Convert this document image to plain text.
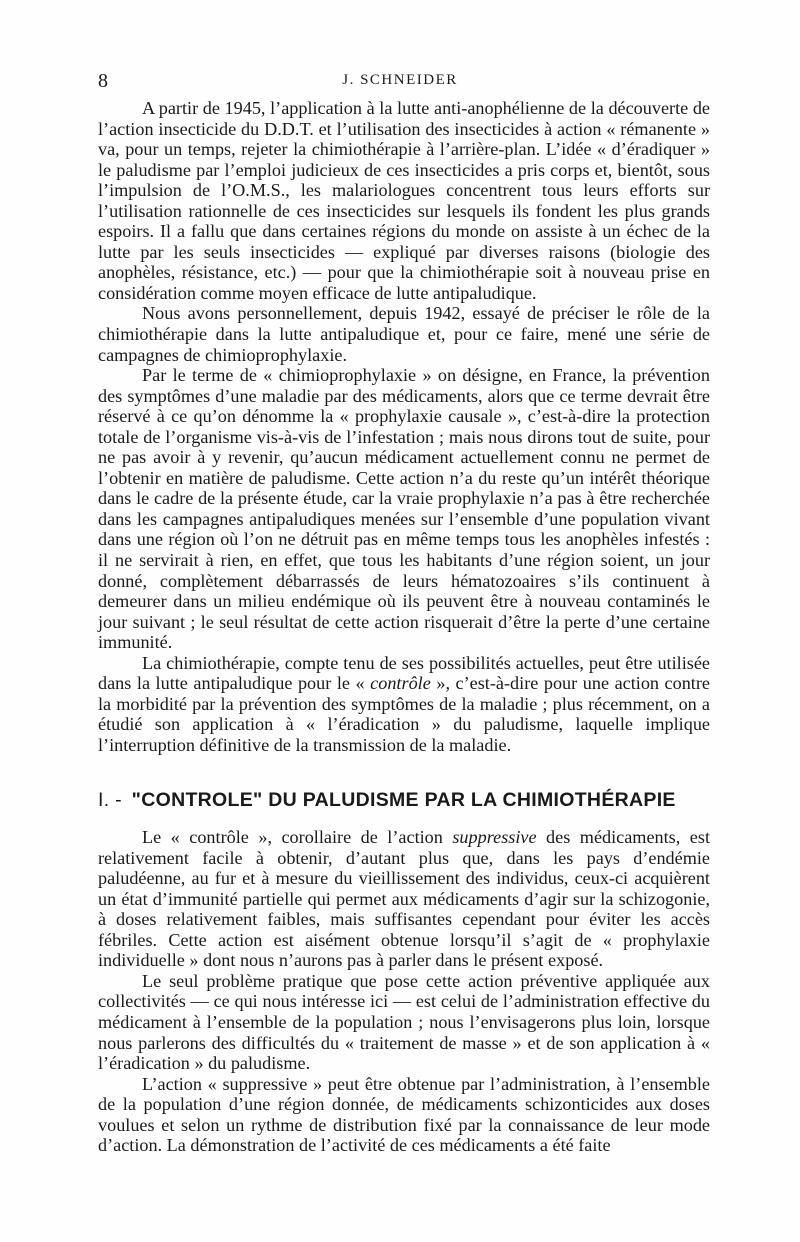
8	J. SCHNEIDER

A partir de 1945, l’application à la lutte anti-anophélienne de la découverte de l’action insecticide du D.D.T. et l’utilisation des insecticides à action « rémanente » va, pour un temps, rejeter la chimiothérapie à l’arrière-plan. L’idée « d’éradiquer » le paludisme par l’emploi judicieux de ces insecticides a pris corps et, bientôt, sous l’impulsion de l’O.M.S., les malariologues concentrent tous leurs efforts sur l’utilisation rationnelle de ces insecticides sur lesquels ils fondent les plus grands espoirs. Il a fallu que dans certaines régions du monde on assiste à un échec de la lutte par les seuls insecticides — expliqué par diverses raisons (biologie des anophèles, résistance, etc.) — pour que la chimiothérapie soit à nouveau prise en considération comme moyen efficace de lutte antipaludique.

Nous avons personnellement, depuis 1942, essayé de préciser le rôle de la chimiothérapie dans la lutte antipaludique et, pour ce faire, mené une série de campagnes de chimioprophylaxie.

Par le terme de « chimioprophylaxie » on désigne, en France, la prévention des symptômes d’une maladie par des médicaments, alors que ce terme devrait être réservé à ce qu’on dénomme la « prophylaxie causale », c’est-à-dire la protection totale de l’organisme vis-à-vis de l’infestation ; mais nous dirons tout de suite, pour ne pas avoir à y revenir, qu’aucun médicament actuellement connu ne permet de l’obtenir en matière de paludisme. Cette action n’a du reste qu’un intérêt théorique dans le cadre de la présente étude, car la vraie prophylaxie n’a pas à être recherchée dans les campagnes antipaludiques menées sur l’ensemble d’une population vivant dans une région où l’on ne détruit pas en même temps tous les anophèles infestés : il ne servirait à rien, en effet, que tous les habitants d’une région soient, un jour donné, complètement débarrassés de leurs hématozoaires s’ils continuent à demeurer dans un milieu endémique où ils peuvent être à nouveau contaminés le jour suivant ; le seul résultat de cette action risquerait d’être la perte d’une certaine immunité.

La chimiothérapie, compte tenu de ses possibilités actuelles, peut être utilisée dans la lutte antipaludique pour le « contrôle », c’est-à-dire pour une action contre la morbidité par la prévention des symptômes de la maladie ; plus récemment, on a étudié son application à « l’éradication » du paludisme, laquelle implique l’interruption définitive de la transmission de la maladie.

I. - "CONTROLE" DU PALUDISME PAR LA CHIMIOTHÉRAPIE

Le « contrôle », corollaire de l’action suppressive des médicaments, est relativement facile à obtenir, d’autant plus que, dans les pays d’endémie paludéenne, au fur et à mesure du vieillissement des individus, ceux-ci acquièrent un état d’immunité partielle qui permet aux médicaments d’agir sur la schizogonie, à doses relativement faibles, mais suffisantes cependant pour éviter les accès fébriles. Cette action est aisément obtenue lorsqu’il s’agit de « prophylaxie individuelle » dont nous n’aurons pas à parler dans le présent exposé.

Le seul problème pratique que pose cette action préventive appliquée aux collectivités — ce qui nous intéresse ici — est celui de l’administration effective du médicament à l’ensemble de la population ; nous l’envisagerons plus loin, lorsque nous parlerons des difficultés du « traitement de masse » et de son application à « l’éradication » du paludisme.

L’action « suppressive » peut être obtenue par l’administration, à l’ensemble de la population d’une région donnée, de médicaments schizonticides aux doses voulues et selon un rythme de distribution fixé par la connaissance de leur mode d’action. La démonstration de l’activité de ces médicaments a été faite
